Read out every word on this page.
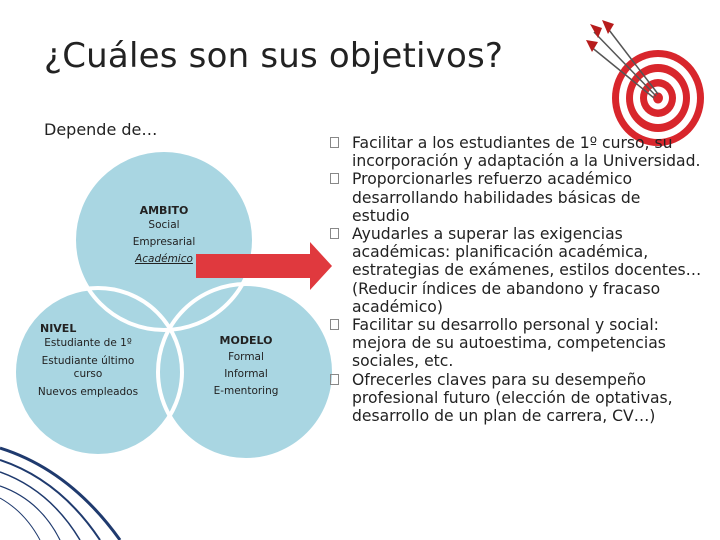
¿Cuáles son sus objetivos?
Depende de…
AMBITO
Social
Empresarial
Académico
NIVEL
Estudiante de 1º
Estudiante último curso
Nuevos empleados
MODELO
Formal
Informal
E-mentoring
Facilitar a los estudiantes de 1º curso, su incorporación y adaptación a la Universidad.
Proporcionarles refuerzo académico desarrollando habilidades básicas de estudio
Ayudarles a superar las exigencias académicas: planificación académica, estrategias de exámenes, estilos docentes… (Reducir índices de abandono y fracaso académico)
Facilitar su desarrollo personal y social: mejora de su autoestima, competencias sociales, etc.
Ofrecerles claves para su desempeño profesional futuro (elección de optativas, desarrollo de un plan de carrera, CV…)
